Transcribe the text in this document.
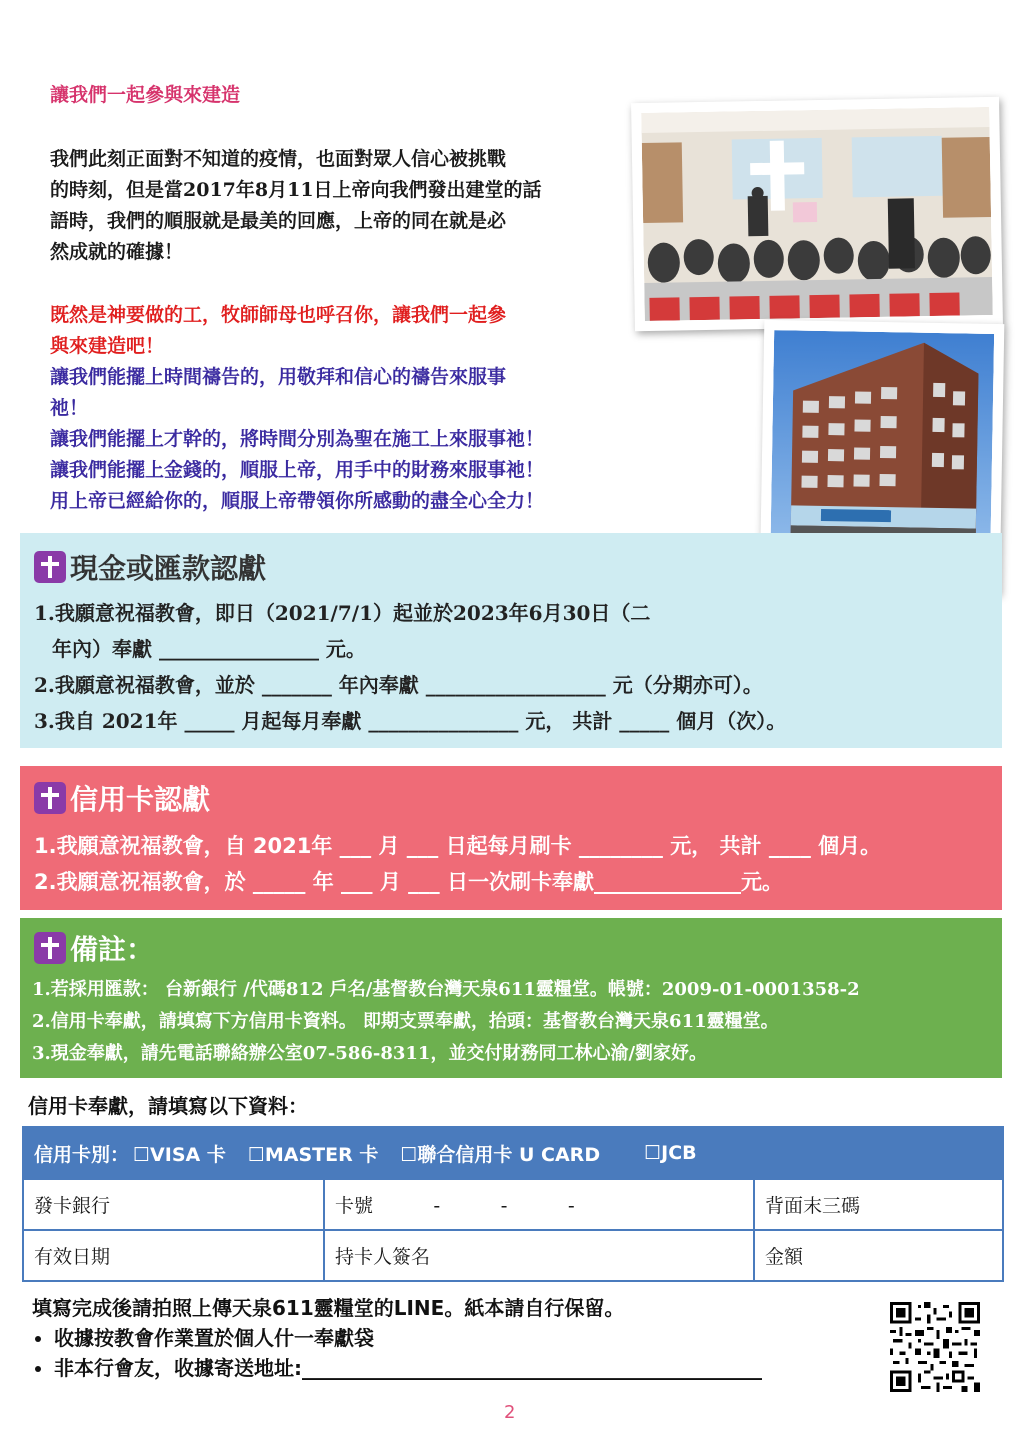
讓我們一起參與來建造
我們此刻正面對不知道的疫情，也面對眾人信心被挑戰
的時刻，但是當2017年8月11日上帝向我們發出建堂的話
語時，我們的順服就是最美的回應，上帝的同在就是必
然成就的確據！
既然是神要做的工，牧師師母也呼召你，讓我們一起參
與來建造吧！
讓我們能擺上時間禱告的，用敬拜和信心的禱告來服事
祂！
讓我們能擺上才幹的，將時間分別為聖在施工上來服事祂！
讓我們能擺上金錢的，順服上帝，用手中的財務來服事祂！
用上帝已經給你的，順服上帝帶領你所感動的盡全心全力！
現金或匯款認獻
1.我願意祝福教會，即日（2021/7/1）起並於2023年6月30日（二
年內）奉獻 ________________ 元。
2.我願意祝福教會，並於 _______ 年內奉獻 __________________ 元（分期亦可）。
3.我自 2021年 _____ 月起每月奉獻 _______________ 元， 共計 _____ 個月（次）。
信用卡認獻
1.我願意祝福教會，自 2021年 ___ 月 ___ 日起每月刷卡 ________ 元， 共計 ____ 個月。
2.我願意祝福教會，於 _____ 年 ___ 月 ___ 日一次刷卡奉獻______________元。
備註：
1.若採用匯款： 台新銀行 /代碼812 戶名/基督教台灣天泉611靈糧堂。帳號：2009-01-0001358-2
2.信用卡奉獻，請填寫下方信用卡資料。 即期支票奉獻，抬頭：基督教台灣天泉611靈糧堂。
3.現金奉獻，請先電話聯絡辦公室07-586-8311，並交付財務同工林心渝/劉家妤。
信用卡奉獻，請填寫以下資料：
信用卡別： ☐VISA 卡 ☐MASTER 卡 ☐聯合信用卡 U CARD ☐JCB
發卡銀行	卡號          -          -          -	背面末三碼
有效日期	持卡人簽名	金額
填寫完成後請拍照上傳天泉611靈糧堂的LINE。紙本請自行保留。
• 收據按教會作業置於個人什一奉獻袋
• 非本行會友，收據寄送地址:______________________________________________
2
